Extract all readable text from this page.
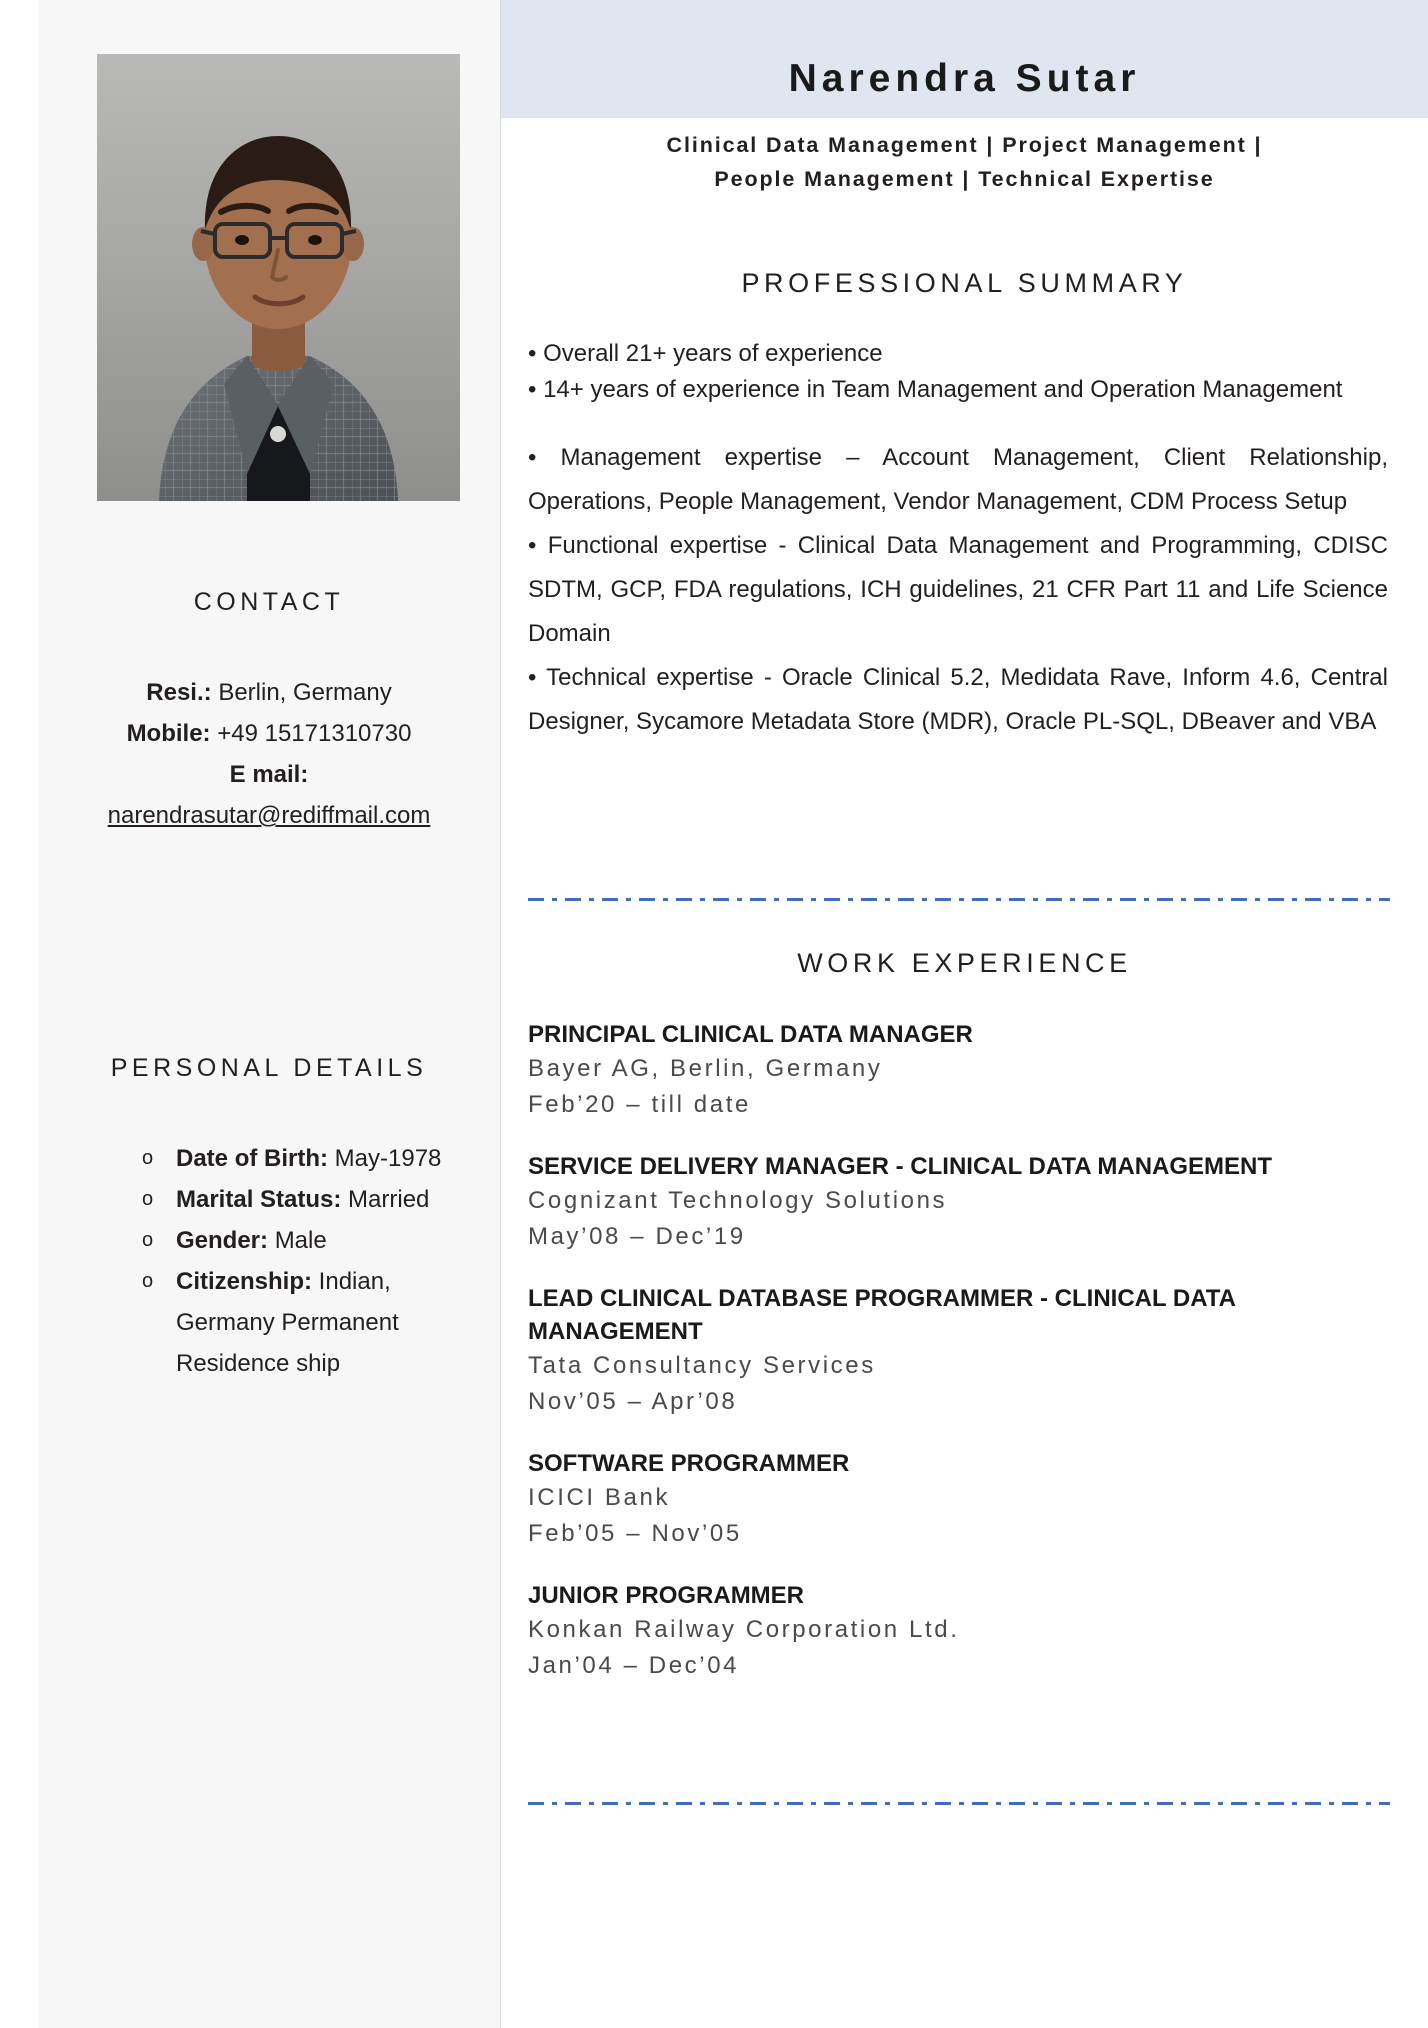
CONTACT
Resi.: Berlin, Germany
Mobile: +49 15171310730
E mail:
narendrasutar@rediffmail.com
PERSONAL DETAILS
o Date of Birth: May-1978
o Marital Status: Married
o Gender: Male
o Citizenship: Indian,
Germany Permanent
Residence ship
Narendra Sutar
Clinical Data Management | Project Management |
People Management | Technical Expertise
PROFESSIONAL SUMMARY

• Overall 21+ years of experience

• 14+ years of experience in Team Management and Operation Management

• Management expertise – Account Management, Client Relationship, Operations, People Management, Vendor Management, CDM Process Setup

• Functional expertise - Clinical Data Management and Programming, CDISC SDTM, GCP, FDA regulations, ICH guidelines, 21 CFR Part 11 and Life Science Domain

• Technical expertise - Oracle Clinical 5.2, Medidata Rave, Inform 4.6, Central Designer, Sycamore Metadata Store (MDR), Oracle PL-SQL, DBeaver and VBA

WORK EXPERIENCE
PRINCIPAL CLINICAL DATA MANAGER
Bayer AG, Berlin, Germany
Feb’20 – till date
SERVICE DELIVERY MANAGER - CLINICAL DATA MANAGEMENT
Cognizant Technology Solutions
May’08 – Dec’19
LEAD CLINICAL DATABASE PROGRAMMER - CLINICAL DATA MANAGEMENT
Tata Consultancy Services
Nov’05 – Apr’08
SOFTWARE PROGRAMMER
ICICI Bank
Feb’05 – Nov’05
JUNIOR PROGRAMMER
Konkan Railway Corporation Ltd.
Jan’04 – Dec’04
